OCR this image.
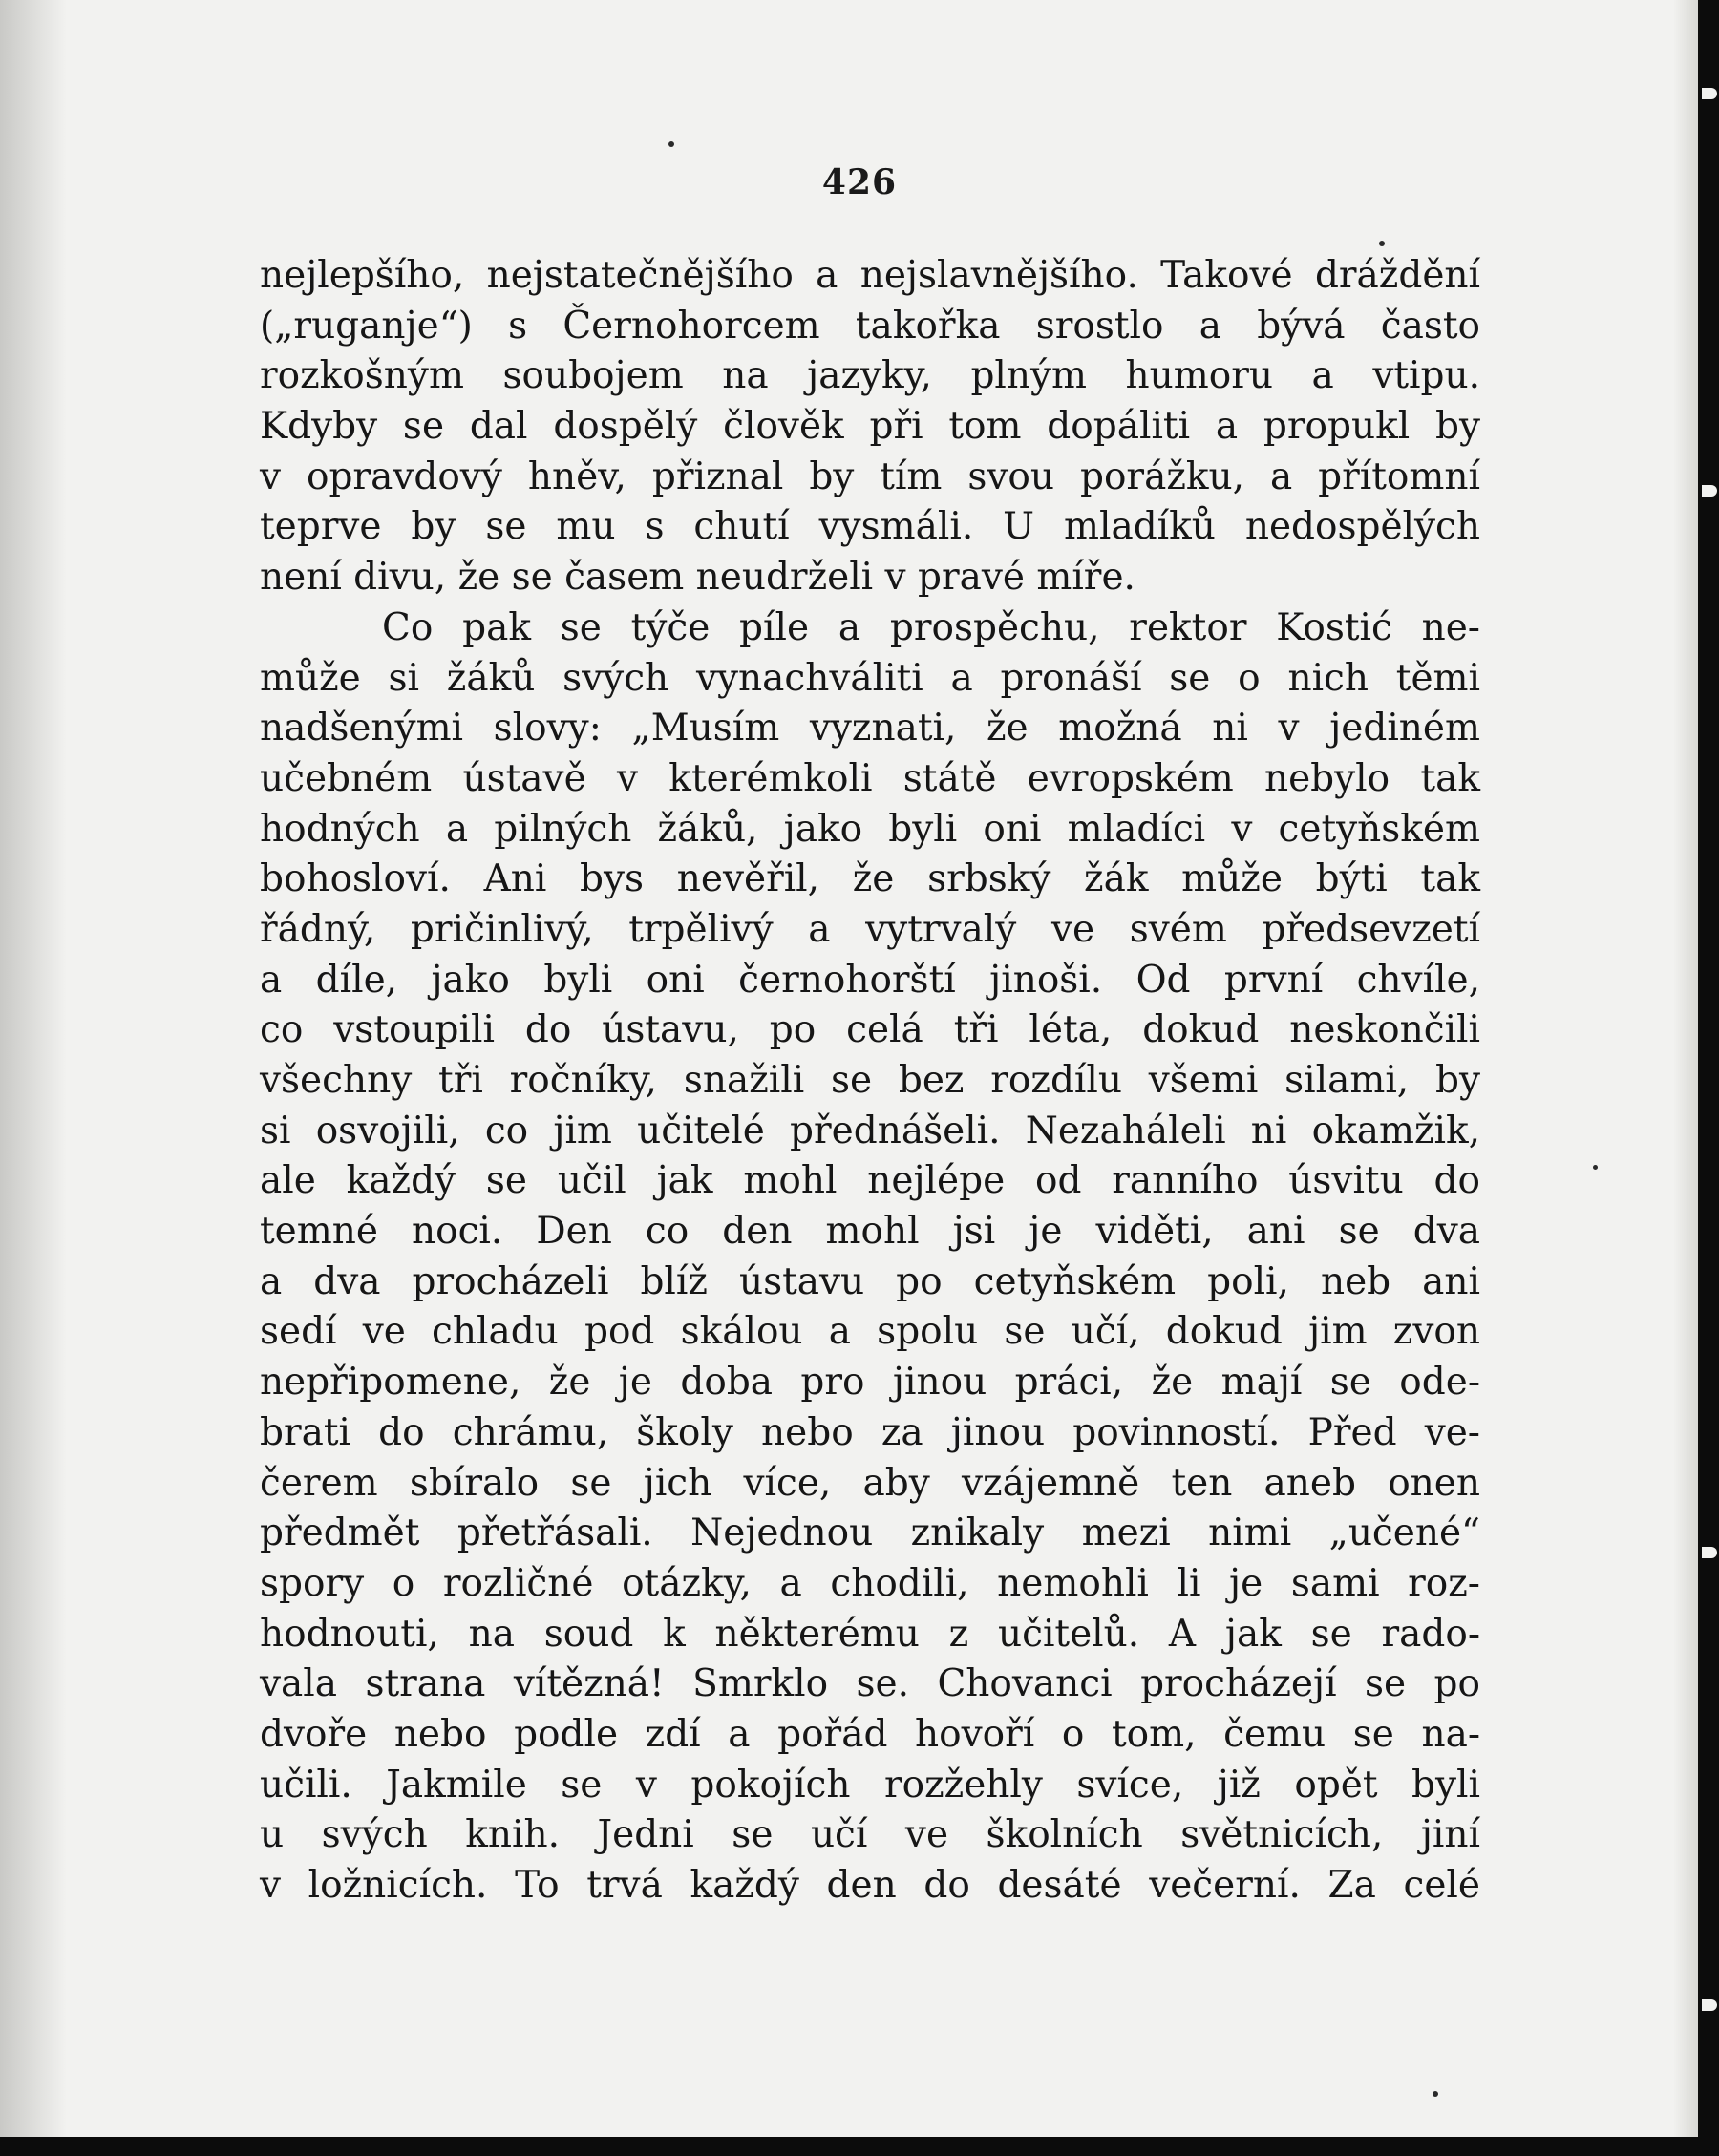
426
nejlepšího, nejstatečnějšího a nejslavnějšího. Takové dráždění
(„ruganje“) s Černohorcem takořka srostlo a bývá často
rozkošným soubojem na jazyky, plným humoru a vtipu.
Kdyby se dal dospělý člověk při tom dopáliti a propukl by
v opravdový hněv, přiznal by tím svou porážku, a přítomní
teprve by se mu s chutí vysmáli. U mladíků nedospělých
není divu, že se časem neudrželi v pravé míře.
Co pak se týče píle a prospěchu, rektor Kostić ne-
může si žáků svých vynachváliti a pronáší se o nich těmi
nadšenými slovy: „Musím vyznati, že možná ni v jediném
učebném ústavě v kterémkoli státě evropském nebylo tak
hodných a pilných žáků, jako byli oni mladíci v cetyňském
bohosloví. Ani bys nevěřil, že srbský žák může býti tak
řádný, pričinlivý, trpělivý a vytrvalý ve svém předsevzetí
a díle, jako byli oni černohorští jinoši. Od první chvíle,
co vstoupili do ústavu, po celá tři léta, dokud neskončili
všechny tři ročníky, snažili se bez rozdílu všemi silami, by
si osvojili, co jim učitelé přednášeli. Nezaháleli ni okamžik,
ale každý se učil jak mohl nejlépe od ranního úsvitu do
temné noci. Den co den mohl jsi je viděti, ani se dva
a dva procházeli blíž ústavu po cetyňském poli, neb ani
sedí ve chladu pod skálou a spolu se učí, dokud jim zvon
nepřipomene, že je doba pro jinou práci, že mají se ode-
brati do chrámu, školy nebo za jinou povinností. Před ve-
čerem sbíralo se jich více, aby vzájemně ten aneb onen
předmět přetřásali. Nejednou znikaly mezi nimi „učené“
spory o rozličné otázky, a chodili, nemohli li je sami roz-
hodnouti, na soud k některému z učitelů. A jak se rado-
vala strana vítězná! Smrklo se. Chovanci procházejí se po
dvoře nebo podle zdí a pořád hovoří o tom, čemu se na-
učili. Jakmile se v pokojích rozžehly svíce, již opět byli
u svých knih. Jedni se učí ve školních světnicích, jiní
v ložnicích. To trvá každý den do desáté večerní. Za celé
